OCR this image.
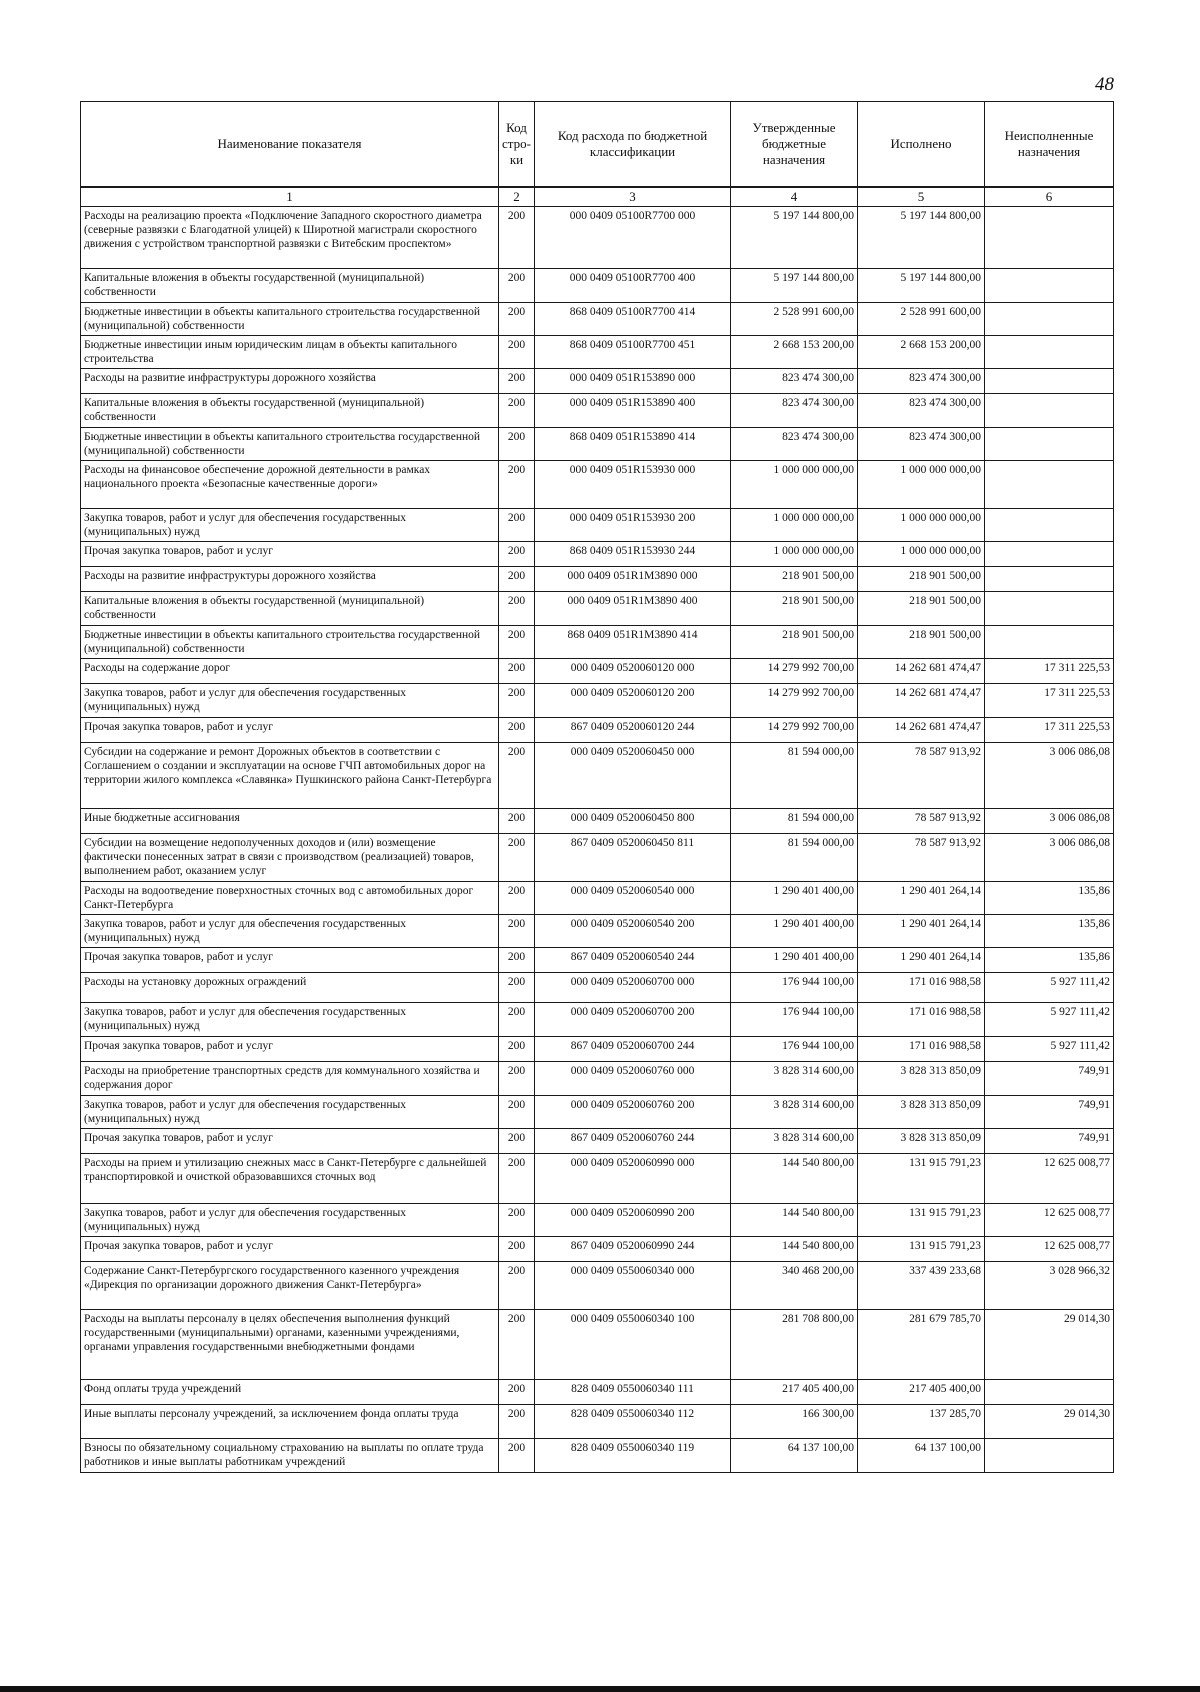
48
Наименование показателя	Код стро- ки	Код расхода по бюджетной классификации	Утвержденные бюджетные назначения	Исполнено	Неисполненные назначения
1	2	3	4	5	6
Расходы на реализацию проекта «Подключение Западного скоростного диаметра (северные развязки с Благодатной улицей) к Широтной магистрали скоростного движения с устройством транспортной развязки с Витебским проспектом»	200	000 0409 05100R7700 000	5 197 144 800,00	5 197 144 800,00	
Капитальные вложения в объекты государственной (муниципальной) собственности	200	000 0409 05100R7700 400	5 197 144 800,00	5 197 144 800,00	
Бюджетные инвестиции в объекты капитального строительства государственной (муниципальной) собственности	200	868 0409 05100R7700 414	2 528 991 600,00	2 528 991 600,00	
Бюджетные инвестиции иным юридическим лицам в объекты капитального строительства	200	868 0409 05100R7700 451	2 668 153 200,00	2 668 153 200,00	
Расходы на развитие инфраструктуры дорожного хозяйства	200	000 0409 051R153890 000	823 474 300,00	823 474 300,00	
Капитальные вложения в объекты государственной (муниципальной) собственности	200	000 0409 051R153890 400	823 474 300,00	823 474 300,00	
Бюджетные инвестиции в объекты капитального строительства государственной (муниципальной) собственности	200	868 0409 051R153890 414	823 474 300,00	823 474 300,00	
Расходы на финансовое обеспечение дорожной деятельности в рамках национального проекта «Безопасные качественные дороги»	200	000 0409 051R153930 000	1 000 000 000,00	1 000 000 000,00	
Закупка товаров, работ и услуг для обеспечения государственных (муниципальных) нужд	200	000 0409 051R153930 200	1 000 000 000,00	1 000 000 000,00	
Прочая закупка товаров, работ и услуг	200	868 0409 051R153930 244	1 000 000 000,00	1 000 000 000,00	
Расходы на развитие инфраструктуры дорожного хозяйства	200	000 0409 051R1M3890 000	218 901 500,00	218 901 500,00	
Капитальные вложения в объекты государственной (муниципальной) собственности	200	000 0409 051R1M3890 400	218 901 500,00	218 901 500,00	
Бюджетные инвестиции в объекты капитального строительства государственной (муниципальной) собственности	200	868 0409 051R1M3890 414	218 901 500,00	218 901 500,00	
Расходы на содержание дорог	200	000 0409 0520060120 000	14 279 992 700,00	14 262 681 474,47	17 311 225,53
Закупка товаров, работ и услуг для обеспечения государственных (муниципальных) нужд	200	000 0409 0520060120 200	14 279 992 700,00	14 262 681 474,47	17 311 225,53
Прочая закупка товаров, работ и услуг	200	867 0409 0520060120 244	14 279 992 700,00	14 262 681 474,47	17 311 225,53
Субсидии на содержание и ремонт Дорожных объектов в соответствии с Соглашением о создании и эксплуатации на основе ГЧП автомобильных дорог на территории жилого комплекса «Славянка» Пушкинского района Санкт-Петербурга	200	000 0409 0520060450 000	81 594 000,00	78 587 913,92	3 006 086,08
Иные бюджетные ассигнования	200	000 0409 0520060450 800	81 594 000,00	78 587 913,92	3 006 086,08
Субсидии на возмещение недополученных доходов и (или) возмещение фактически понесенных затрат в связи с производством (реализацией) товаров, выполнением работ, оказанием услуг	200	867 0409 0520060450 811	81 594 000,00	78 587 913,92	3 006 086,08
Расходы на водоотведение поверхностных сточных вод с автомобильных дорог Санкт-Петербурга	200	000 0409 0520060540 000	1 290 401 400,00	1 290 401 264,14	135,86
Закупка товаров, работ и услуг для обеспечения государственных (муниципальных) нужд	200	000 0409 0520060540 200	1 290 401 400,00	1 290 401 264,14	135,86
Прочая закупка товаров, работ и услуг	200	867 0409 0520060540 244	1 290 401 400,00	1 290 401 264,14	135,86
Расходы на установку дорожных ограждений	200	000 0409 0520060700 000	176 944 100,00	171 016 988,58	5 927 111,42
Закупка товаров, работ и услуг для обеспечения государственных (муниципальных) нужд	200	000 0409 0520060700 200	176 944 100,00	171 016 988,58	5 927 111,42
Прочая закупка товаров, работ и услуг	200	867 0409 0520060700 244	176 944 100,00	171 016 988,58	5 927 111,42
Расходы на приобретение транспортных средств для коммунального хозяйства и содержания дорог	200	000 0409 0520060760 000	3 828 314 600,00	3 828 313 850,09	749,91
Закупка товаров, работ и услуг для обеспечения государственных (муниципальных) нужд	200	000 0409 0520060760 200	3 828 314 600,00	3 828 313 850,09	749,91
Прочая закупка товаров, работ и услуг	200	867 0409 0520060760 244	3 828 314 600,00	3 828 313 850,09	749,91
Расходы на прием и утилизацию снежных масс в Санкт-Петербурге с дальнейшей транспортировкой и очисткой образовавшихся сточных вод	200	000 0409 0520060990 000	144 540 800,00	131 915 791,23	12 625 008,77
Закупка товаров, работ и услуг для обеспечения государственных (муниципальных) нужд	200	000 0409 0520060990 200	144 540 800,00	131 915 791,23	12 625 008,77
Прочая закупка товаров, работ и услуг	200	867 0409 0520060990 244	144 540 800,00	131 915 791,23	12 625 008,77
Содержание Санкт-Петербургского государственного казенного учреждения «Дирекция по организации дорожного движения Санкт-Петербурга»	200	000 0409 0550060340 000	340 468 200,00	337 439 233,68	3 028 966,32
Расходы на выплаты персоналу в целях обеспечения выполнения функций государственными (муниципальными) органами, казенными учреждениями, органами управления государственными внебюджетными фондами	200	000 0409 0550060340 100	281 708 800,00	281 679 785,70	29 014,30
Фонд оплаты труда учреждений	200	828 0409 0550060340 111	217 405 400,00	217 405 400,00	
Иные выплаты персоналу учреждений, за исключением фонда оплаты труда	200	828 0409 0550060340 112	166 300,00	137 285,70	29 014,30
Взносы по обязательному социальному страхованию на выплаты по оплате труда работников и иные выплаты работникам учреждений	200	828 0409 0550060340 119	64 137 100,00	64 137 100,00	
